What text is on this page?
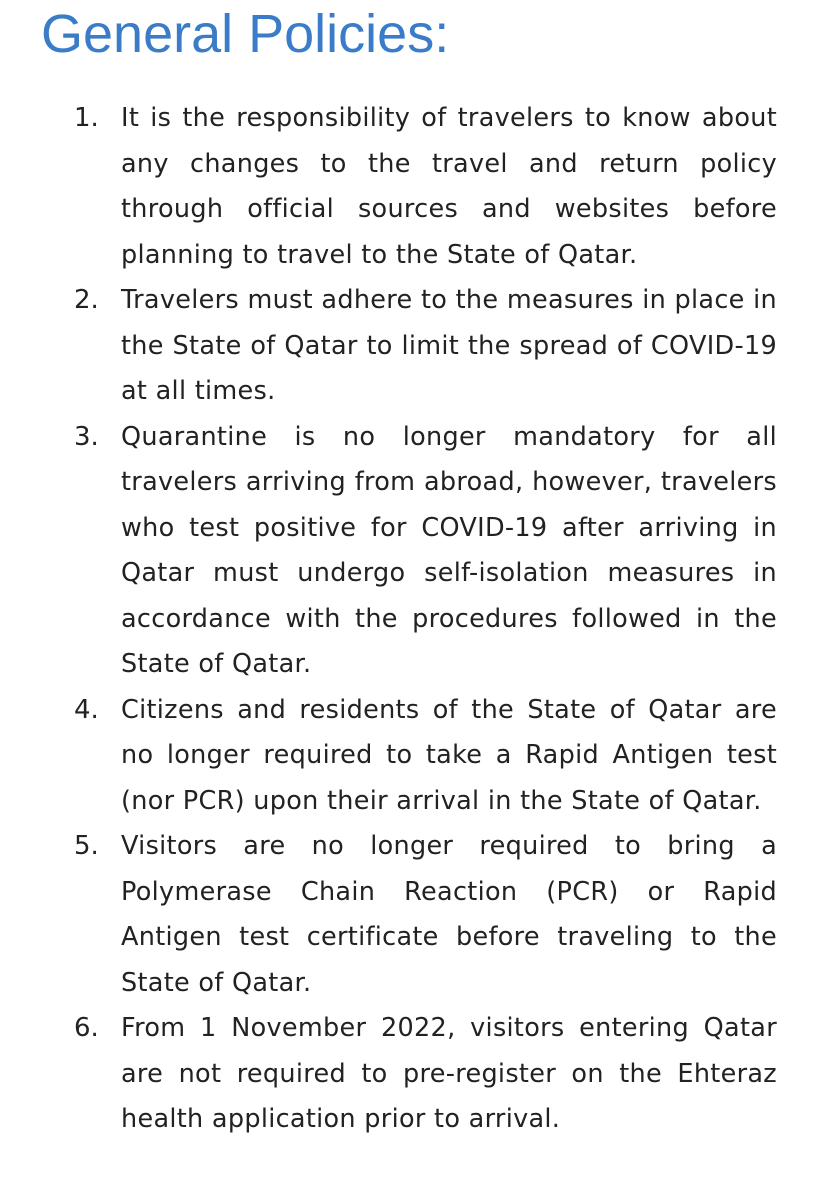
General Policies:
1. It is the responsibility of travelers to know about any changes to the travel and return policy through official sources and websites before planning to travel to the State of Qatar.
2. Travelers must adhere to the measures in place in the State of Qatar to limit the spread of COVID-19 at all times.
3. Quarantine is no longer mandatory for all travelers arriving from abroad, however, travelers who test positive for COVID-19 after arriving in Qatar must undergo self-isolation measures in accordance with the procedures followed in the State of Qatar.
4. Citizens and residents of the State of Qatar are no longer required to take a Rapid Antigen test (nor PCR) upon their arrival in the State of Qatar.
5. Visitors are no longer required to bring a Polymerase Chain Reaction (PCR) or Rapid Antigen test certificate before traveling to the State of Qatar.
6. From 1 November 2022, visitors entering Qatar are not required to pre-register on the Ehteraz health application prior to arrival.
